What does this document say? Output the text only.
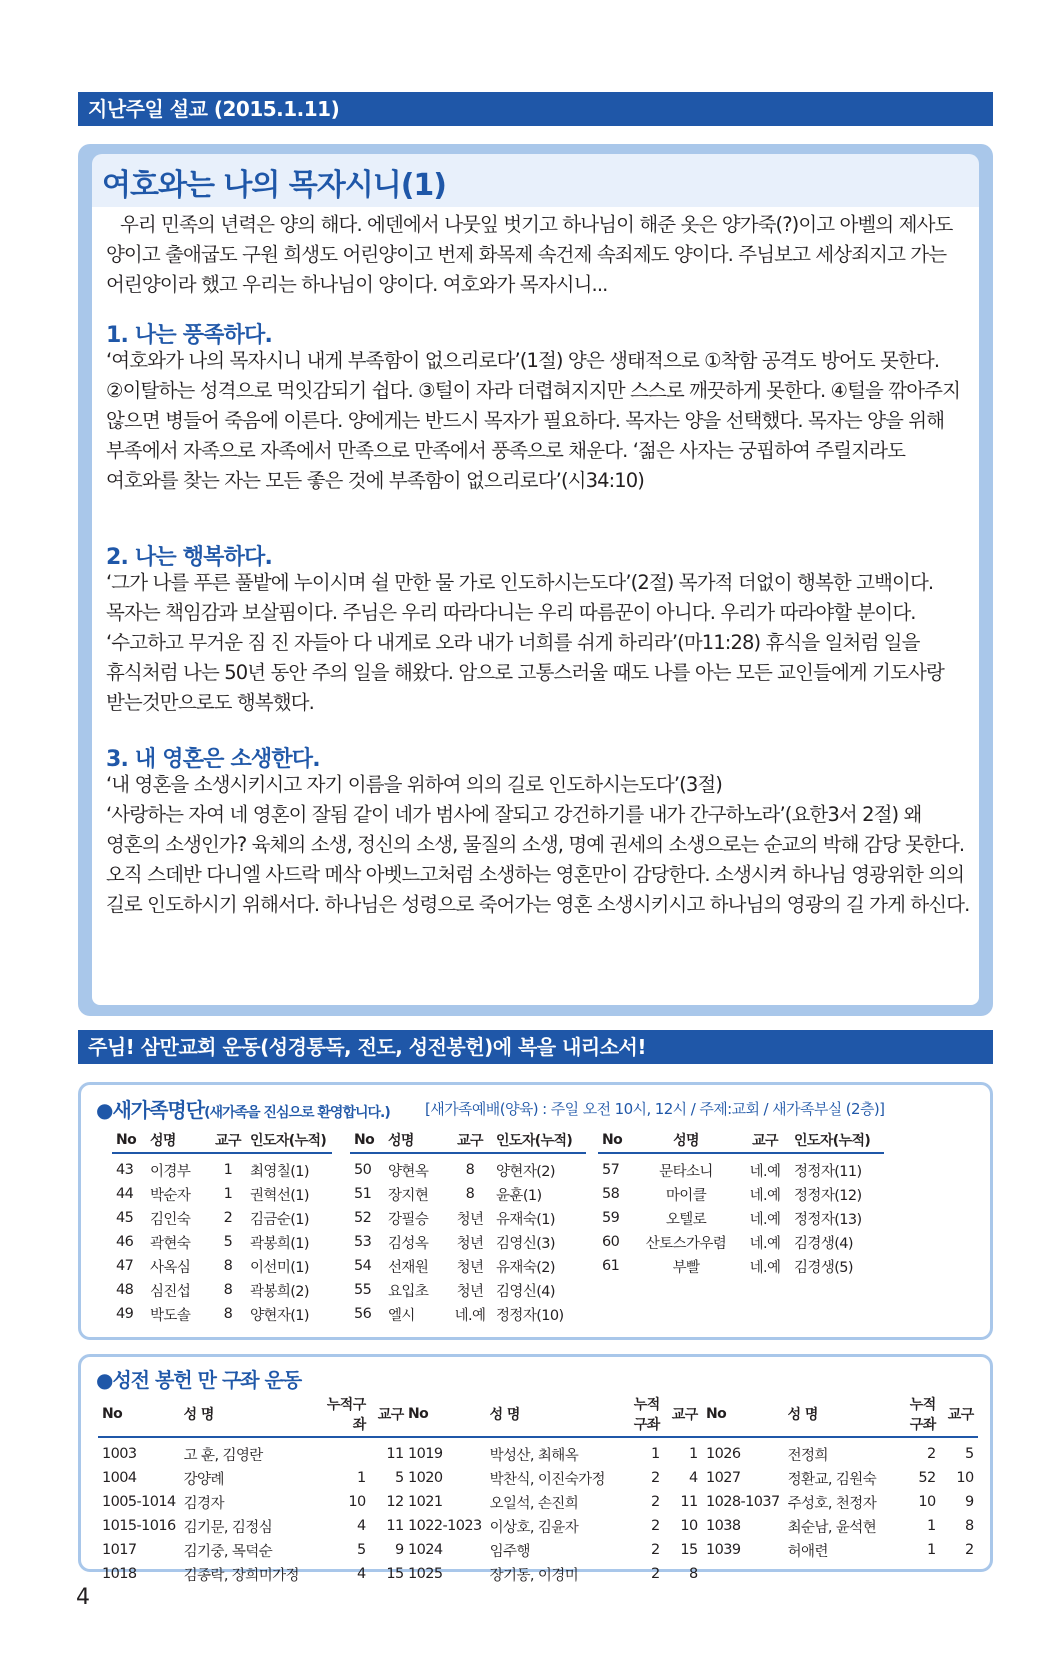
지난주일 설교 (2015.1.11)
여호와는 나의 목자시니(1)
우리 민족의 년력은 양의 해다. 에덴에서 나뭇잎 벗기고 하나님이 해준 옷은 양가죽(?)이고 아벨의 제사도 양이고 출애굽도 구원 희생도 어린양이고 번제 화목제 속건제 속죄제도 양이다. 주님보고 세상죄지고 가는 어린양이라 했고 우리는 하나님이 양이다. 여호와가 목자시니...
1. 나는 풍족하다.
‘여호와가 나의 목자시니 내게 부족함이 없으리로다’(1절) 양은 생태적으로 ①착함 공격도 방어도 못한다. ②이탈하는 성격으로 먹잇감되기 쉽다. ③털이 자라 더렵혀지지만 스스로 깨끗하게 못한다. ④털을 깎아주지 않으면 병들어 죽음에 이른다. 양에게는 반드시 목자가 필요하다. 목자는 양을 선택했다. 목자는 양을 위해 부족에서 자족으로 자족에서 만족으로 만족에서 풍족으로 채운다. ‘젊은 사자는 궁핍하여 주릴지라도 여호와를 찾는 자는 모든 좋은 것에 부족함이 없으리로다’(시34:10)
2. 나는 행복하다.
‘그가 나를 푸른 풀밭에 누이시며 쉴 만한 물 가로 인도하시는도다’(2절) 목가적 더없이 행복한 고백이다. 목자는 책임감과 보살핌이다. 주님은 우리 따라다니는 우리 따름꾼이 아니다. 우리가 따라야할 분이다. ‘수고하고 무거운 짐 진 자들아 다 내게로 오라 내가 너희를 쉬게 하리라’(마11:28) 휴식을 일처럼 일을 휴식처럼 나는 50년 동안 주의 일을 해왔다. 암으로 고통스러울 때도 나를 아는 모든 교인들에게 기도사랑 받는것만으로도 행복했다.
3. 내 영혼은 소생한다.

‘내 영혼을 소생시키시고 자기 이름을 위하여 의의 길로 인도하시는도다’(3절)

‘사랑하는 자여 네 영혼이 잘됨 같이 네가 범사에 잘되고 강건하기를 내가 간구하노라’(요한3서 2절) 왜 영혼의 소생인가? 육체의 소생, 정신의 소생, 물질의 소생, 명예 권세의 소생으로는 순교의 박해 감당 못한다. 오직 스데반 다니엘 사드락 메삭 아벳느고처럼 소생하는 영혼만이 감당한다. 소생시켜 하나님 영광위한 의의 길로 인도하시기 위해서다. 하나님은 성령으로 죽어가는 영혼 소생시키시고 하나님의 영광의 길 가게 하신다.

주님! 삼만교회 운동(성경통독, 전도, 성전봉헌)에 복을 내리소서!
●새가족명단(새가족을 진심으로 환영합니다.) [새가족예배(양육) : 주일 오전 10시, 12시 / 주제:교회 / 새가족부실 (2층)]
No	성명	교구	인도자(누적)

43	이경부	1	최영칠(1)
44	박순자	1	권혁선(1)
45	김인숙	2	김금순(1)
46	곽현숙	5	곽봉희(1)
47	사옥심	8	이선미(1)
48	심진섭	8	곽봉희(2)
49	박도솔	8	양현자(1)
No	성명	교구	인도자(누적)

50	양현옥	8	양현자(2)
51	장지현	8	윤훈(1)
52	강필승	청년	유재숙(1)
53	김성옥	청년	김영신(3)
54	선재원	청년	유재숙(2)
55	요입초	청년	김영신(4)
56	엘시	네.예	정정자(10)
No	성명	교구	인도자(누적)

57	문타소니	네.예	정정자(11)
58	마이클	네.예	정정자(12)
59	오텔로	네.예	정정자(13)
60	산토스가우렴	네.예	김경생(4)
61	부빨	네.예	김경생(5)
●성전 봉헌 만 구좌 운동
No	성 명	누적구좌	교구

1003	고 훈, 김영란		11
1004	강양례	1	5
1005-1014	김경자	10	12
1015-1016	김기문, 김정심	4	11
1017	김기중, 목덕순	5	9
1018	김종락, 장희미가정	4	15
No	성 명	누적구좌	교구

1019	박성산, 최해옥	1	1
1020	박찬식, 이진숙가정	2	4
1021	오일석, 손진희	2	11
1022-1023	이상호, 김윤자	2	10
1024	임주행	2	15
1025	장기동, 이경미	2	8
No	성 명	누적구좌	교구

1026	전정희	2	5
1027	정환교, 김원숙	52	10
1028-1037	주성호, 천정자	10	9
1038	최순남, 윤석현	1	8
1039	허애련	1	2
4
